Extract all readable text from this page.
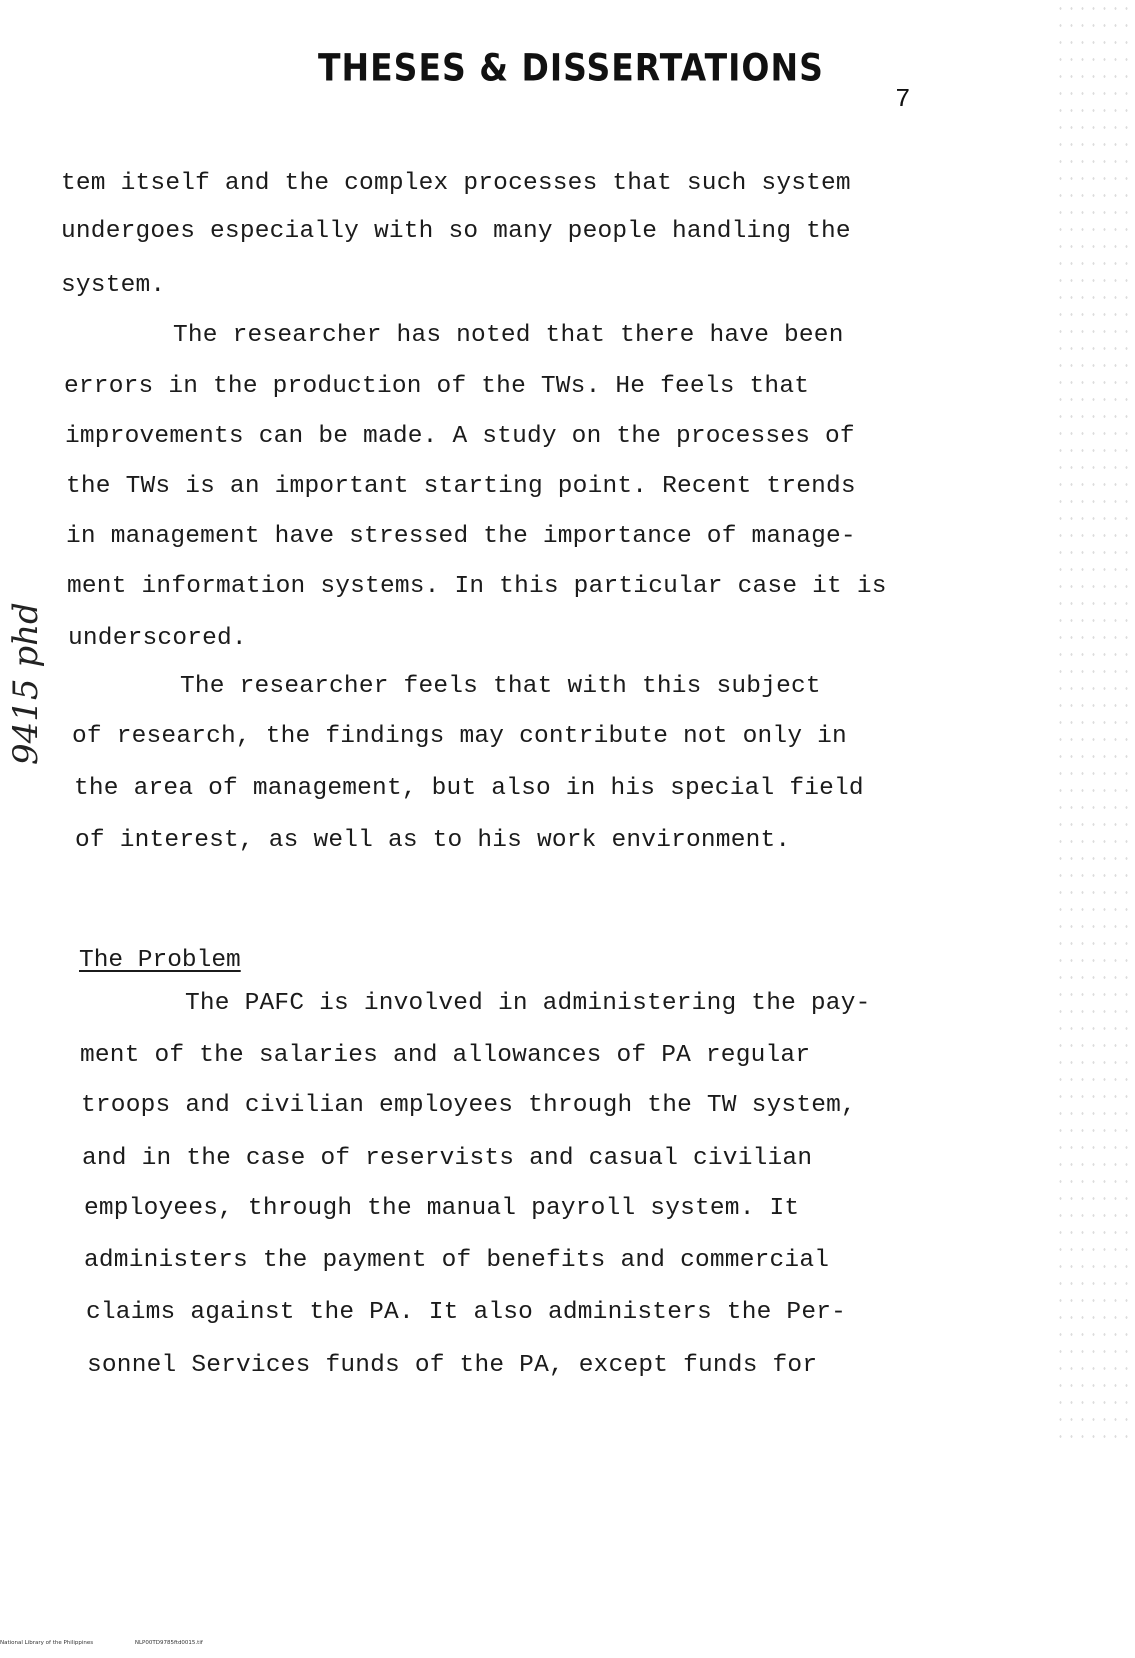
THESES & DISSERTATIONS
7
9415 phd
tem itself and the complex processes that such system
undergoes especially with so many people handling the
system.
The researcher has noted that there have been
errors in the production of the TWs. He feels that
improvements can be made. A study on the processes of
the TWs is an important starting point. Recent trends
in management have stressed the importance of manage-
ment information systems. In this particular case it is
underscored.
The researcher feels that with this subject
of research, the findings may contribute not only in
the area of management, but also in his special field
of interest, as well as to his work environment.
The Problem
The PAFC is involved in administering the pay-
ment of the salaries and allowances of PA regular
troops and civilian employees through the TW system,
and in the case of reservists and casual civilian
employees, through the manual payroll system. It
administers the payment of benefits and commercial
claims against the PA. It also administers the Per-
sonnel Services funds of the PA, except funds for
National Library of the Philippines	NLP00TD9785ftd0015.tif
